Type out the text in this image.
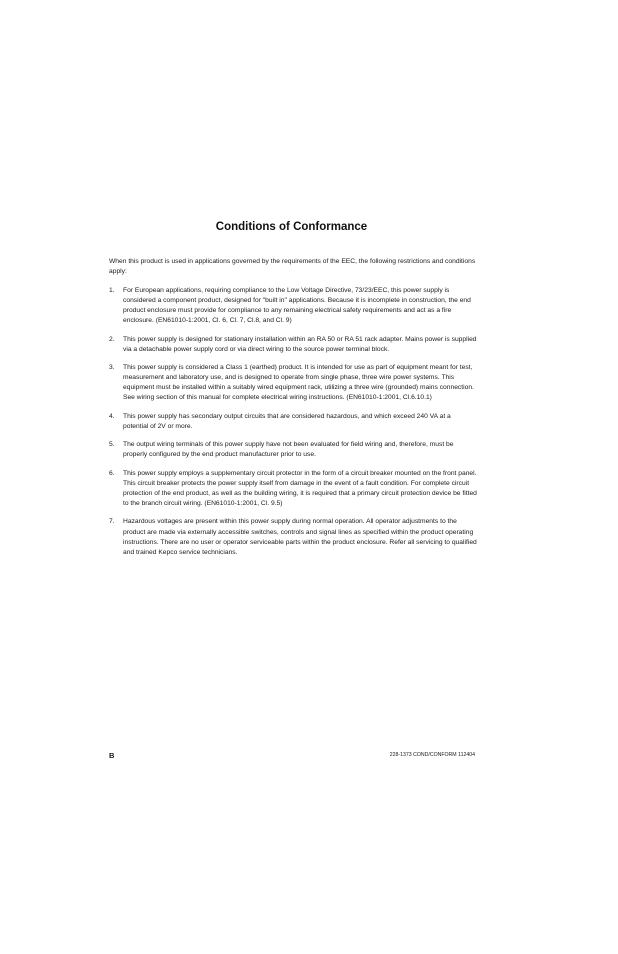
Conditions of Conformance

When this product is used in applications governed by the requirements of the EEC, the following restrictions and conditions apply:

1. For European applications, requiring compliance to the Low Voltage Directive, 73/23/EEC, this power supply is considered a component product, designed for "built in" applications. Because it is incomplete in construction, the end product enclosure must provide for compliance to any remaining electrical safety requirements and act as a fire enclosure. (EN61010-1:2001, Cl. 6, Cl. 7, Cl.8, and Cl. 9)
2. This power supply is designed for stationary installation within an RA 50 or RA 51 rack adapter. Mains power is supplied via a detachable power supply cord or via direct wiring to the source power terminal block.
3. This power supply is considered a Class 1 (earthed) product. It is intended for use as part of equipment meant for test, measurement and laboratory use, and is designed to operate from single phase, three wire power systems. This equipment must be installed within a suitably wired equipment rack, utilizing a three wire (grounded) mains connection. See wiring section of this manual for complete electrical wiring instructions. (EN61010-1:2001, Cl.6.10.1)
4. This power supply has secondary output circuits that are considered hazardous, and which exceed 240 VA at a potential of 2V or more.
5. The output wiring terminals of this power supply have not been evaluated for field wiring and, therefore, must be properly configured by the end product manufacturer prior to use.
6. This power supply employs a supplementary circuit protector in the form of a circuit breaker mounted on the front panel. This circuit breaker protects the power supply itself from damage in the event of a fault condition. For complete circuit protection of the end product, as well as the building wiring, it is required that a primary circuit protection device be fitted to the branch circuit wiring. (EN61010-1:2001, Cl. 9.5)
7. Hazardous voltages are present within this power supply during normal operation. All operator adjustments to the product are made via externally accessible switches, controls and signal lines as specified within the product operating instructions. There are no user or operator serviceable parts within the product enclosure. Refer all servicing to qualified and trained Kepco service technicians.
B	228-1373 COND/CONFORM 112404
